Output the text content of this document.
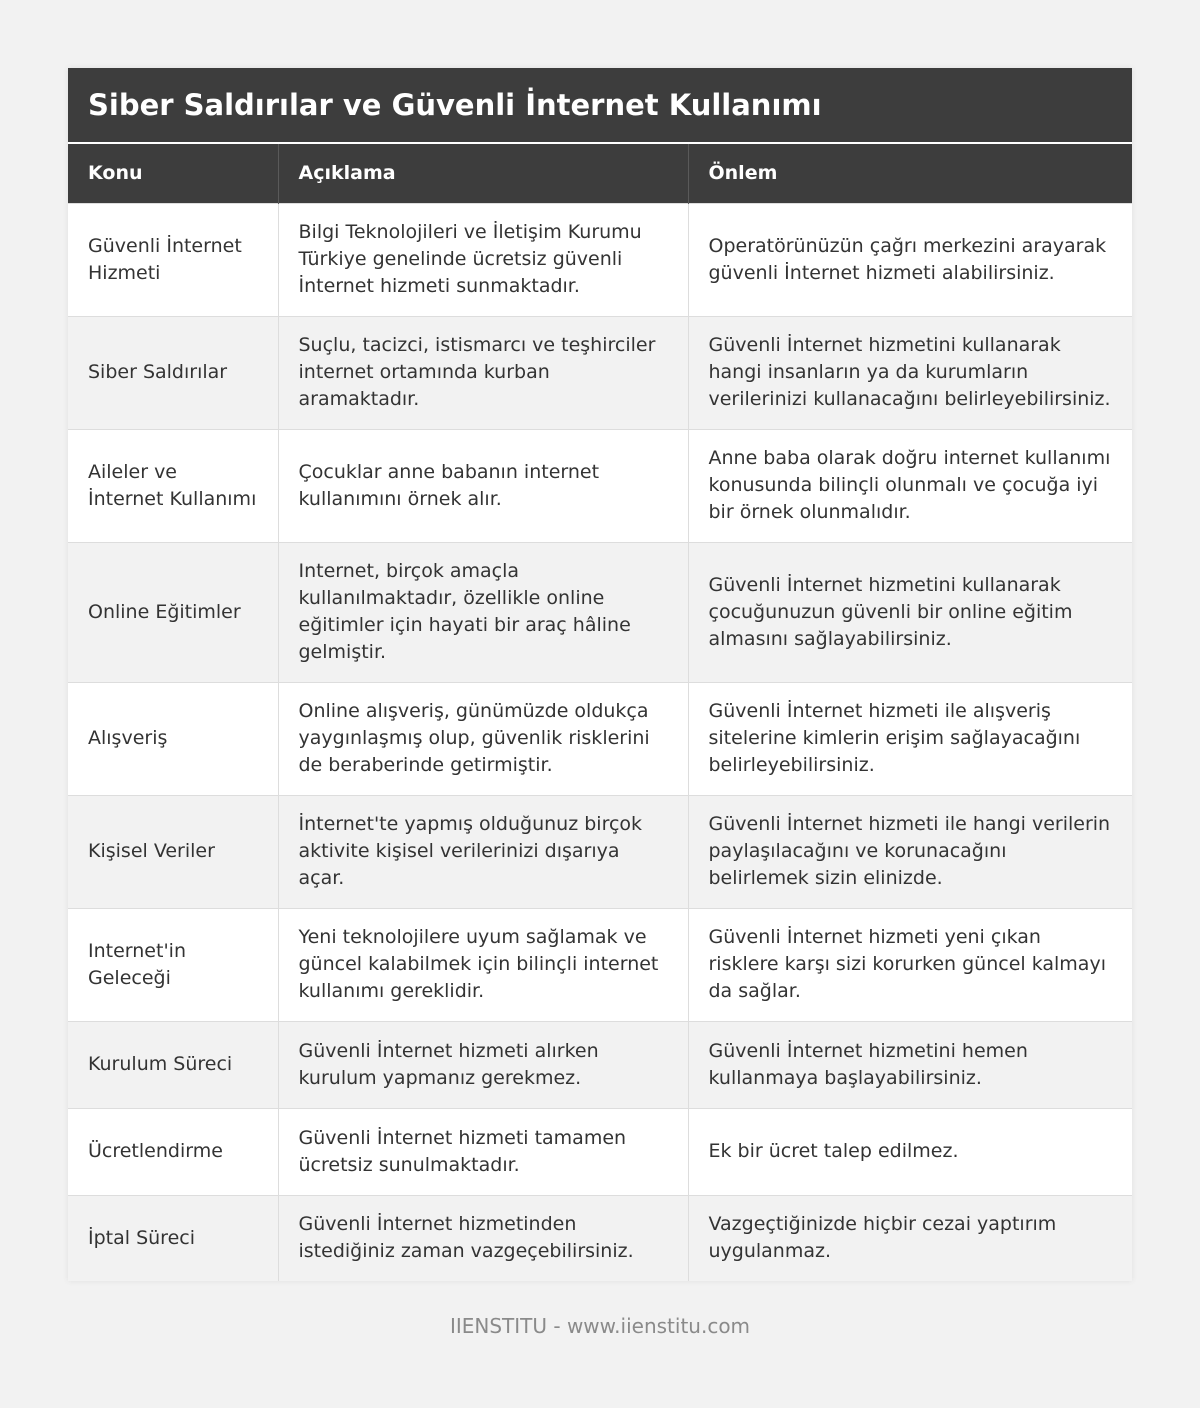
Siber Saldırılar ve Güvenli İnternet Kullanımı
Konu	Açıklama	Önlem
Güvenli İnternet Hizmeti	Bilgi Teknolojileri ve İletişim Kurumu Türkiye genelinde ücretsiz güvenli İnternet hizmeti sunmaktadır.	Operatörünüzün çağrı merkezini arayarak güvenli İnternet hizmeti alabilirsiniz.
Siber Saldırılar	Suçlu, tacizci, istismarcı ve teşhirciler internet ortamında kurban aramaktadır.	Güvenli İnternet hizmetini kullanarak hangi insanların ya da kurumların verilerinizi kullanacağını belirleyebilirsiniz.
Aileler ve İnternet Kullanımı	Çocuklar anne babanın internet kullanımını örnek alır.	Anne baba olarak doğru internet kullanımı konusunda bilinçli olunmalı ve çocuğa iyi bir örnek olunmalıdır.
Online Eğitimler	Internet, birçok amaçla kullanılmaktadır, özellikle online eğitimler için hayati bir araç hâline gelmiştir.	Güvenli İnternet hizmetini kullanarak çocuğunuzun güvenli bir online eğitim almasını sağlayabilirsiniz.
Alışveriş	Online alışveriş, günümüzde oldukça yaygınlaşmış olup, güvenlik risklerini de beraberinde getirmiştir.	Güvenli İnternet hizmeti ile alışveriş sitelerine kimlerin erişim sağlayacağını belirleyebilirsiniz.
Kişisel Veriler	İnternet'te yapmış olduğunuz birçok aktivite kişisel verilerinizi dışarıya açar.	Güvenli İnternet hizmeti ile hangi verilerin paylaşılacağını ve korunacağını belirlemek sizin elinizde.
Internet'in Geleceği	Yeni teknolojilere uyum sağlamak ve güncel kalabilmek için bilinçli internet kullanımı gereklidir.	Güvenli İnternet hizmeti yeni çıkan risklere karşı sizi korurken güncel kalmayı da sağlar.
Kurulum Süreci	Güvenli İnternet hizmeti alırken kurulum yapmanız gerekmez.	Güvenli İnternet hizmetini hemen kullanmaya başlayabilirsiniz.
Ücretlendirme	Güvenli İnternet hizmeti tamamen ücretsiz sunulmaktadır.	Ek bir ücret talep edilmez.
İptal Süreci	Güvenli İnternet hizmetinden istediğiniz zaman vazgeçebilirsiniz.	Vazgeçtiğinizde hiçbir cezai yaptırım uygulanmaz.
IIENSTITU - www.iienstitu.com
